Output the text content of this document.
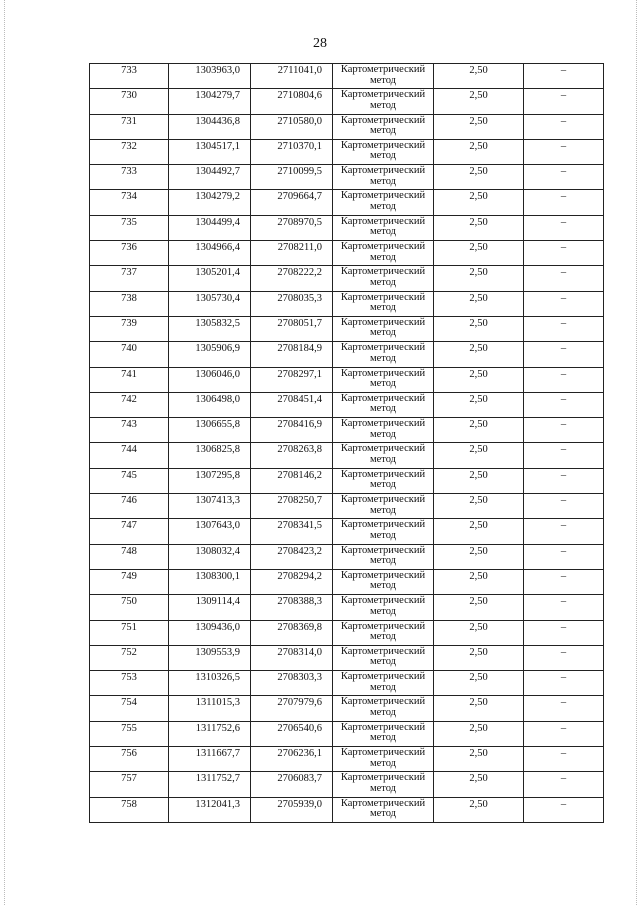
28
733	1303963,0	2711041,0	Картометрический метод	2,50	–

730	1304279,7	2710804,6	Картометрический метод	2,50	–

731	1304436,8	2710580,0	Картометрический метод	2,50	–

732	1304517,1	2710370,1	Картометрический метод	2,50	–

733	1304492,7	2710099,5	Картометрический метод	2,50	–

734	1304279,2	2709664,7	Картометрический метод	2,50	–

735	1304499,4	2708970,5	Картометрический метод	2,50	–

736	1304966,4	2708211,0	Картометрический метод	2,50	–

737	1305201,4	2708222,2	Картометрический метод	2,50	–

738	1305730,4	2708035,3	Картометрический метод	2,50	–

739	1305832,5	2708051,7	Картометрический метод	2,50	–

740	1305906,9	2708184,9	Картометрический метод	2,50	–

741	1306046,0	2708297,1	Картометрический метод	2,50	–

742	1306498,0	2708451,4	Картометрический метод	2,50	–

743	1306655,8	2708416,9	Картометрический метод	2,50	–

744	1306825,8	2708263,8	Картометрический метод	2,50	–

745	1307295,8	2708146,2	Картометрический метод	2,50	–

746	1307413,3	2708250,7	Картометрический метод	2,50	–

747	1307643,0	2708341,5	Картометрический метод	2,50	–

748	1308032,4	2708423,2	Картометрический метод	2,50	–

749	1308300,1	2708294,2	Картометрический метод	2,50	–

750	1309114,4	2708388,3	Картометрический метод	2,50	–

751	1309436,0	2708369,8	Картометрический метод	2,50	–

752	1309553,9	2708314,0	Картометрический метод	2,50	–

753	1310326,5	2708303,3	Картометрический метод	2,50	–

754	1311015,3	2707979,6	Картометрический метод	2,50	–

755	1311752,6	2706540,6	Картометрический метод	2,50	–

756	1311667,7	2706236,1	Картометрический метод	2,50	–

757	1311752,7	2706083,7	Картометрический метод	2,50	–

758	1312041,3	2705939,0	Картометрический метод	2,50	–
